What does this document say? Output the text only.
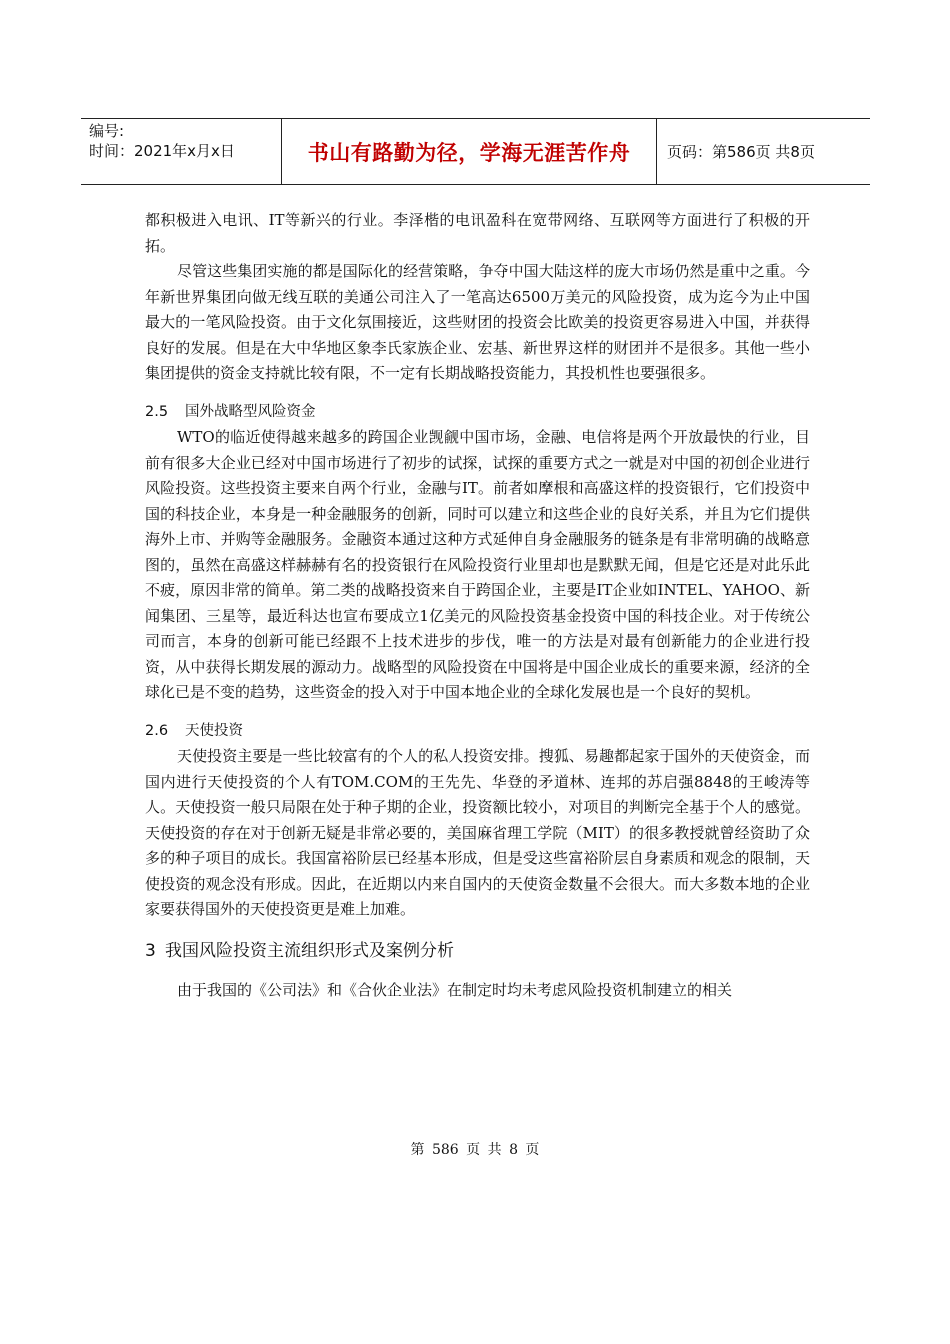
编号:
时间：2021年x月x日	书山有路勤为径，学海无涯苦作舟	页码：第586页 共8页

都积极进入电讯、IT等新兴的行业。李泽楷的电讯盈科在宽带网络、互联网等方面进行了积极的开拓。

尽管这些集团实施的都是国际化的经营策略，争夺中国大陆这样的庞大市场仍然是重中之重。今年新世界集团向做无线互联的美通公司注入了一笔高达6500万美元的风险投资，成为迄今为止中国最大的一笔风险投资。由于文化氛围接近，这些财团的投资会比欧美的投资更容易进入中国，并获得良好的发展。但是在大中华地区象李氏家族企业、宏基、新世界这样的财团并不是很多。其他一些小集团提供的资金支持就比较有限，不一定有长期战略投资能力，其投机性也要强很多。

2.5 国外战略型风险资金

WTO的临近使得越来越多的跨国企业觊觎中国市场，金融、电信将是两个开放最快的行业，目前有很多大企业已经对中国市场进行了初步的试探，试探的重要方式之一就是对中国的初创企业进行风险投资。这些投资主要来自两个行业，金融与IT。前者如摩根和高盛这样的投资银行，它们投资中国的科技企业，本身是一种金融服务的创新，同时可以建立和这些企业的良好关系，并且为它们提供海外上市、并购等金融服务。金融资本通过这种方式延伸自身金融服务的链条是有非常明确的战略意图的，虽然在高盛这样赫赫有名的投资银行在风险投资行业里却也是默默无闻，但是它还是对此乐此不疲，原因非常的简单。第二类的战略投资来自于跨国企业，主要是IT企业如INTEL、YAHOO、新闻集团、三星等，最近科达也宣布要成立1亿美元的风险投资基金投资中国的科技企业。对于传统公司而言，本身的创新可能已经跟不上技术进步的步伐，唯一的方法是对最有创新能力的企业进行投资，从中获得长期发展的源动力。战略型的风险投资在中国将是中国企业成长的重要来源，经济的全球化已是不变的趋势，这些资金的投入对于中国本地企业的全球化发展也是一个良好的契机。

2.6 天使投资

天使投资主要是一些比较富有的个人的私人投资安排。搜狐、易趣都起家于国外的天使资金，而国内进行天使投资的个人有TOM.COM的王先先、华登的矛道林、连邦的苏启强8848的王峻涛等人。天使投资一般只局限在处于种子期的企业，投资额比较小，对项目的判断完全基于个人的感觉。天使投资的存在对于创新无疑是非常必要的，美国麻省理工学院（MIT）的很多教授就曾经资助了众多的种子项目的成长。我国富裕阶层已经基本形成，但是受这些富裕阶层自身素质和观念的限制，天使投资的观念没有形成。因此，在近期以内来自国内的天使资金数量不会很大。而大多数本地的企业家要获得国外的天使投资更是难上加难。

3 我国风险投资主流组织形式及案例分析

由于我国的《公司法》和《合伙企业法》在制定时均未考虑风险投资机制建立的相关

第 586 页 共 8 页
